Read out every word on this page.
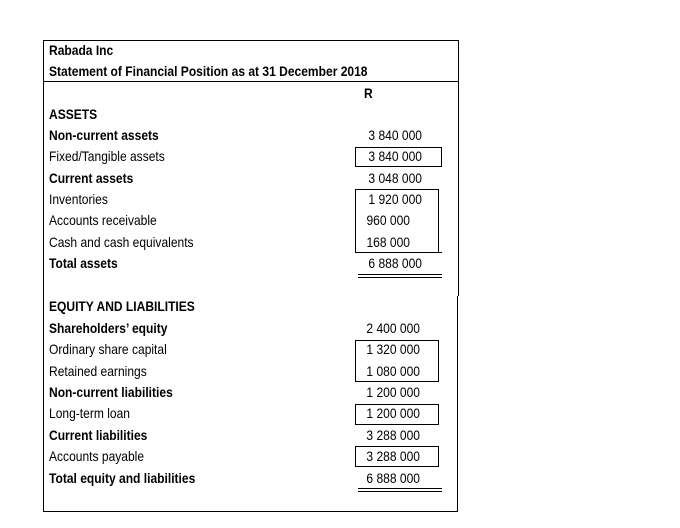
Rabada Inc
Statement of Financial Position as at 31 December 2018
R
ASSETS
Non-current assets	3 840 000
Fixed/Tangible assets	3 840 000
Current assets	3 048 000
Inventories	1 920 000
Accounts receivable	960 000
Cash and cash equivalents	168 000
Total assets	6 888 000
EQUITY AND LIABILITIES
Shareholders’ equity	2 400 000
Ordinary share capital	1 320 000
Retained earnings	1 080 000
Non-current liabilities	1 200 000
Long-term loan	1 200 000
Current liabilities	3 288 000
Accounts payable	3 288 000
Total equity and liabilities	6 888 000
